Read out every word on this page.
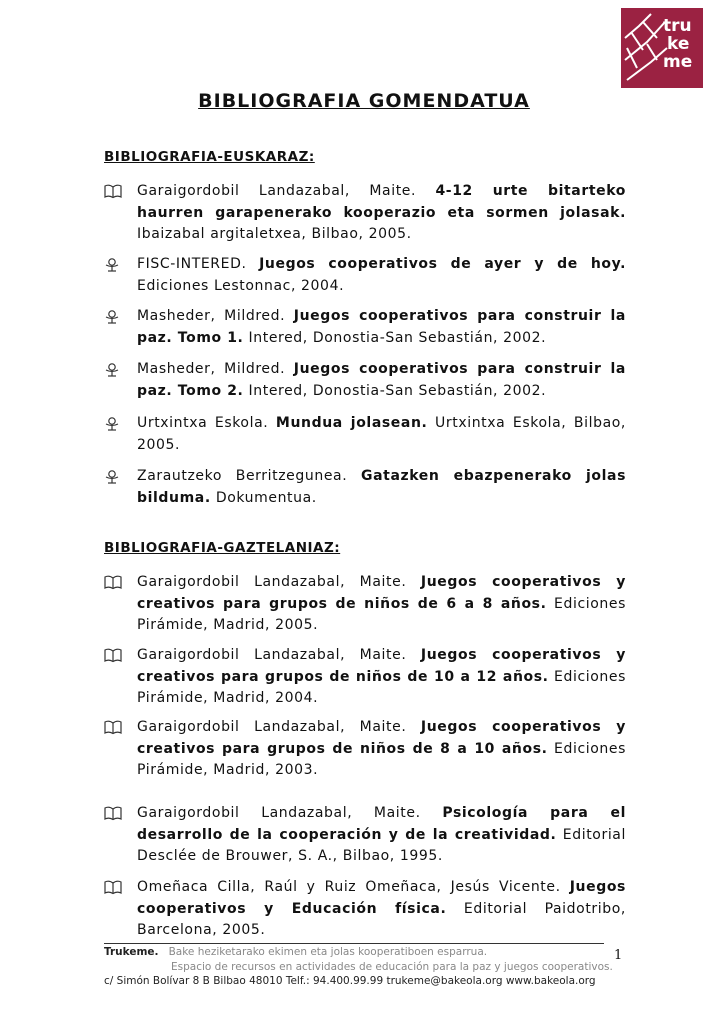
tru
ke
me
BIBLIOGRAFIA GOMENDATUA
BIBLIOGRAFIA-EUSKARAZ:
Garaigordobil Landazabal, Maite. 4-12 urte bitarteko haurren garapenerako kooperazio eta sormen jolasak. Ibaizabal argitaletxea, Bilbao, 2005.
FISC-INTERED. Juegos cooperativos de ayer y de hoy. Ediciones Lestonnac, 2004.
Masheder, Mildred. Juegos cooperativos para construir la paz. Tomo 1. Intered, Donostia-San Sebastián, 2002.
Masheder, Mildred. Juegos cooperativos para construir la paz. Tomo 2. Intered, Donostia-San Sebastián, 2002.
Urtxintxa Eskola. Mundua jolasean. Urtxintxa Eskola, Bilbao, 2005.
Zarautzeko Berritzegunea. Gatazken ebazpenerako jolas bilduma. Dokumentua.
BIBLIOGRAFIA-GAZTELANIAZ:
Garaigordobil Landazabal, Maite. Juegos cooperativos y creativos para grupos de niños de 6 a 8 años. Ediciones Pirámide, Madrid, 2005.
Garaigordobil Landazabal, Maite. Juegos cooperativos y creativos para grupos de niños de 10 a 12 años. Ediciones Pirámide, Madrid, 2004.
Garaigordobil Landazabal, Maite. Juegos cooperativos y creativos para grupos de niños de 8 a 10 años. Ediciones Pirámide, Madrid, 2003.
Garaigordobil Landazabal, Maite. Psicología para el desarrollo de la cooperación y de la creatividad. Editorial Desclée de Brouwer, S. A., Bilbao, 1995.
Omeñaca Cilla, Raúl y Ruiz Omeñaca, Jesús Vicente. Juegos cooperativos y Educación física. Editorial Paidotribo, Barcelona, 2005.
Trukeme. Bake heziketarako ekimen eta jolas kooperatiboen esparrua.
Espacio de recursos en actividades de educación para la paz y juegos cooperativos.
c/ Simón Bolívar 8 B Bilbao 48010 Telf.: 94.400.99.99 trukeme@bakeola.org www.bakeola.org
1
